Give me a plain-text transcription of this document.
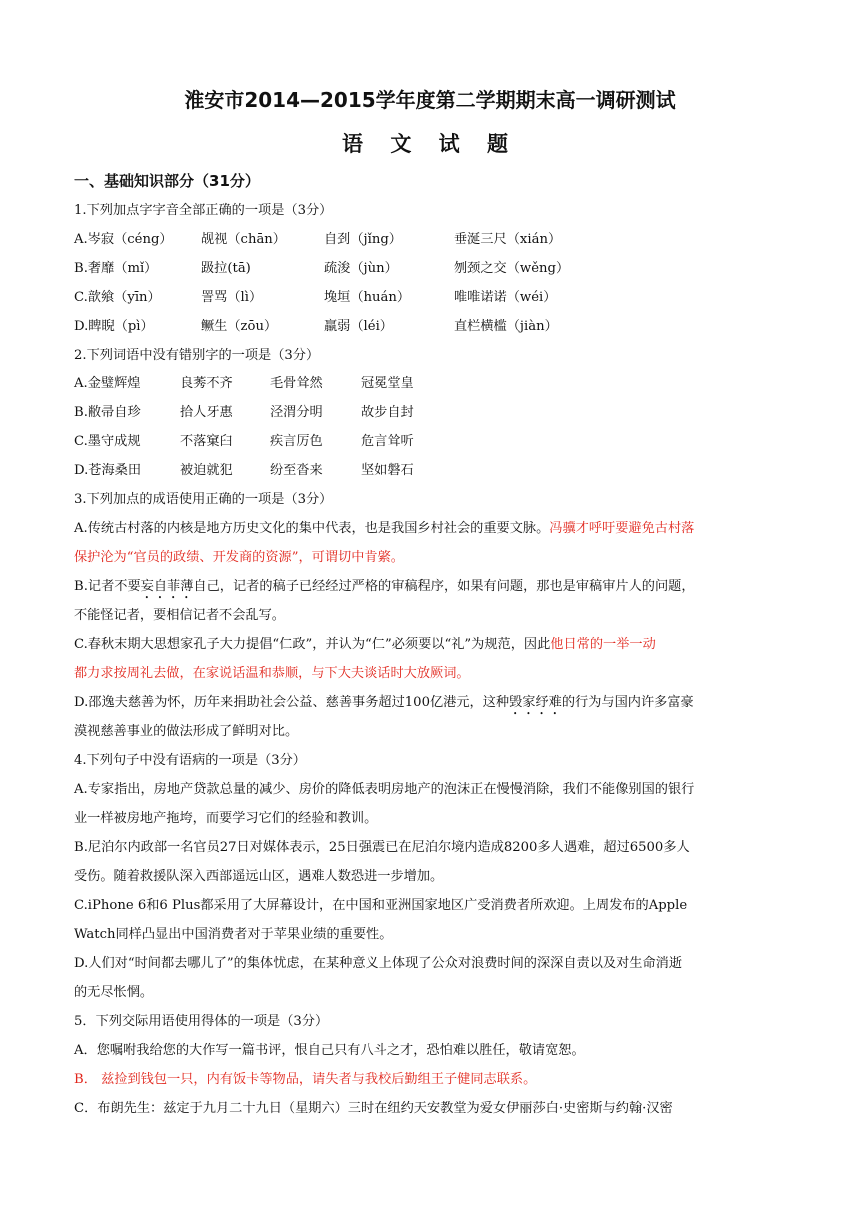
淮安市2014—2015学年度第二学期期末高一调研测试
语 文 试 题
一、基础知识部分（31分）
1.下列加点字字音全部正确的一项是（3分）
A.岑寂（céng） 觇视（chān）	自刭（jǐng）	垂涎三尺（xián）
B.奢靡（mǐ）	趿拉(tā)	疏浚（jùn）	刎颈之交（wěng）
C.歆飨（yīn）	詈骂（lì）	堍垣（huán）	唯唯诺诺（wéi）
D.睥睨（pì）	鳜生（zōu）	羸弱（léi）	直栏横槛（jiàn）
2.下列词语中没有错别字的一项是（3分）
A.金璧辉煌	良莠不齐	毛骨耸然	冠冕堂皇
B.敝帚自珍	拾人牙惠	泾渭分明	故步自封
C.墨守成规	不落窠臼	疾言厉色	危言耸听
D.苍海桑田	被迫就犯	纷至沓来	坚如磐石
3.下列加点的成语使用正确的一项是（3分）
A.传统古村落的内核是地方历史文化的集中代表，也是我国乡村社会的重要文脉。冯骥才呼吁要避免古村落
保护沦为“官员的政绩、开发商的资源”，可谓切中肯綮。
B.记者不要妄自菲薄自己，记者的稿子已经经过严格的审稿程序，如果有问题，那也是审稿审片人的问题，
不能怪记者，要相信记者不会乱写。
C.春秋末期大思想家孔子大力提倡“仁政”，并认为“仁”必须要以“礼”为规范，因此他日常的一举一动
都力求按周礼去做，在家说话温和恭顺，与下大夫谈话时大放厥词。
D.邵逸夫慈善为怀，历年来捐助社会公益、慈善事务超过100亿港元，这种毁家纾难的行为与国内许多富豪
漠视慈善事业的做法形成了鲜明对比。
4.下列句子中没有语病的一项是（3分）
A.专家指出，房地产贷款总量的减少、房价的降低表明房地产的泡沫正在慢慢消除，我们不能像别国的银行
业一样被房地产拖垮，而要学习它们的经验和教训。
B.尼泊尔内政部一名官员27日对媒体表示，25日强震已在尼泊尔境内造成8200多人遇难，超过6500多人
受伤。随着救援队深入西部遥远山区，遇难人数恐进一步增加。
C.iPhone 6和6 Plus都采用了大屏幕设计，在中国和亚洲国家地区广受消费者所欢迎。上周发布的Apple
Watch同样凸显出中国消费者对于苹果业绩的重要性。
D.人们对“时间都去哪儿了”的集体忧虑，在某种意义上体现了公众对浪费时间的深深自责以及对生命消逝
的无尽怅惘。
5．下列交际用语使用得体的一项是（3分）
A．您嘱咐我给您的大作写一篇书评，恨自己只有八斗之才，恐怕难以胜任，敬请宽恕。
B． 兹捡到钱包一只，内有饭卡等物品，请失者与我校后勤组王子健同志联系。
C．布朗先生：兹定于九月二十九日（星期六）三时在纽约天安教堂为爱女伊丽莎白·史密斯与约翰·汉密
